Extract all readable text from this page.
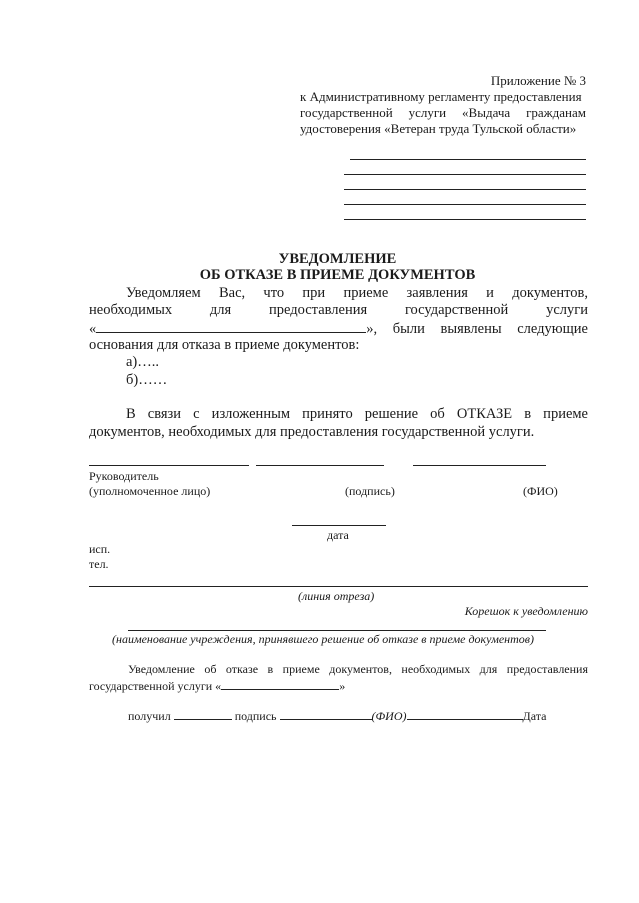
Приложение № 3
к Административному регламенту предоставления
государственной услуги «Выдача гражданам
удостоверения «Ветеран труда Тульской области»
УВЕДОМЛЕНИЕ
ОБ ОТКАЗЕ В ПРИЕМЕ ДОКУМЕНТОВ
Уведомляем Вас, что при приеме заявления и документов,
необходимых для предоставления государственной услуги
«	», были выявлены следующие
основания для отказа в приеме документов:
а)…..
б)……
В связи с изложенным принято решение об ОТКАЗЕ в приеме
документов, необходимых для предоставления государственной услуги.
Руководитель
(уполномоченное лицо)	(подпись)	(ФИО)
дата
исп.
тел.
(линия отреза)
Корешок к уведомлению
(наименование учреждения, принявшего решение об отказе в приеме документов)
Уведомление об отказе в приеме документов, необходимых для предоставления
государственной услуги «	»
получил	подпись	(ФИО)	Дата
